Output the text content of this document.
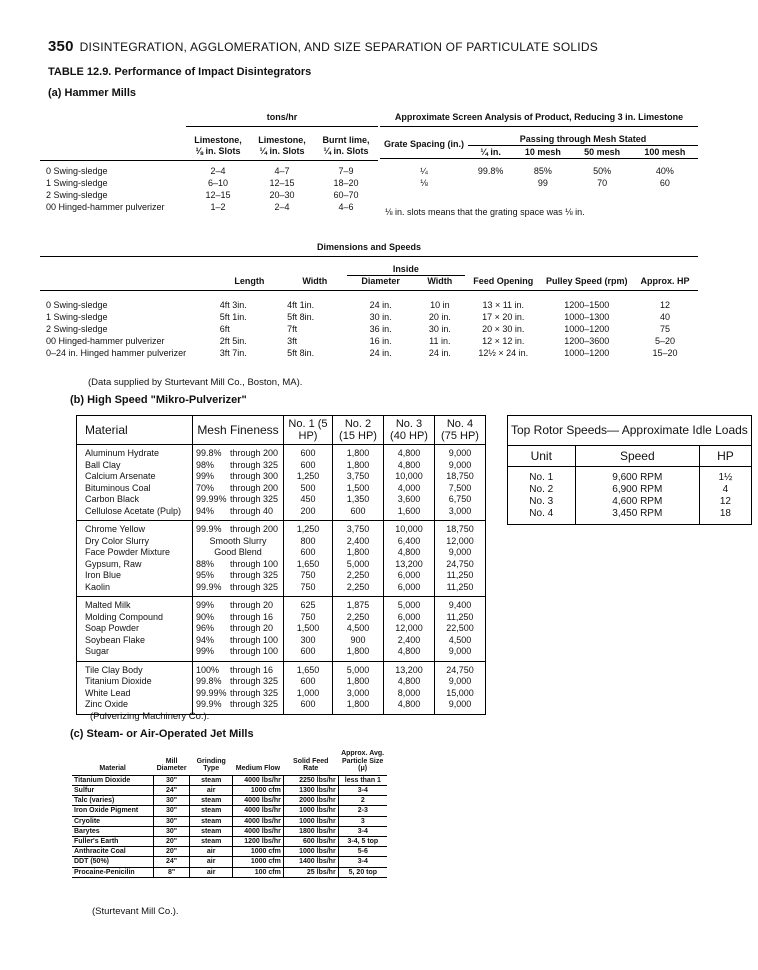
350 DISINTEGRATION, AGGLOMERATION, AND SIZE SEPARATION OF PARTICULATE SOLIDS
TABLE 12.9. Performance of Impact Disintegrators
(a) Hammer Mills
	tons/hr		
	Limestone, ⅛ in. Slots	Limestone, ¼ in. Slots	Burnt lime, ¼ in. Slots
0 Swing-sledge	2–4	4–7	7–9
1 Swing-sledge	6–10	12–15	18–20
2 Swing-sledge	12–15	20–30	60–70
00 Hinged-hammer pulverizer	1–2	2–4	4–6
Approximate Screen Analysis of Product, Reducing 3 in. Limestone				
Grate Spacing (in.)	Passing through Mesh Stated			
	¼ in.	10 mesh	50 mesh	100 mesh
¼	99.8%	85%	50%	40%
⅛		99	70	60
⅛ in. slots means that the grating space was ⅛ in.
Dimensions and Speeds							
			Inside				
	Length	Width	Diameter	Width	Feed Opening	Pulley Speed (rpm)	Approx. HP
0 Swing-sledge	4ft 3in.	4ft 1in.	24 in.	10 in	13 × 11 in.	1200–1500	12
1 Swing-sledge	5ft 1in.	5ft 8in.	30 in.	20 in.	17 × 20 in.	1000–1300	40
2 Swing-sledge	6ft	7ft	36 in.	30 in.	20 × 30 in.	1000–1200	75
00 Hinged-hammer pulverizer	2ft 5in.	3ft	16 in.	11 in.	12 × 12 in.	1200–3600	5–20
0–24 in. Hinged hammer pulverizer	3ft 7in.	5ft 8in.	24 in.	24 in.	12½ × 24 in.	1000–1200	15–20
(Data supplied by Sturtevant Mill Co., Boston, MA).
(b) High Speed "Mikro-Pulverizer"
Material	Mesh Fineness	No. 1 (5 HP)	No. 2 (15 HP)	No. 3 (40 HP)	No. 4 (75 HP)
Aluminum Hydrate	99.8% through 200	600	1,800	4,800	9,000
Ball Clay	98% through 325	600	1,800	4,800	9,000
Calcium Arsenate	99% through 300	1,250	3,750	10,000	18,750
Bituminous Coal	70% through 200	500	1,500	4,000	7,500
Carbon Black	99.99% through 325	450	1,350	3,600	6,750
Cellulose Acetate (Pulp)	94% through 40	200	600	1,600	3,000
Chrome Yellow	99.9% through 200	1,250	3,750	10,000	18,750
Dry Color Slurry	Smooth Slurry	800	2,400	6,400	12,000
Face Powder Mixture	Good Blend	600	1,800	4,800	9,000
Gypsum, Raw	88% through 100	1,650	5,000	13,200	24,750
Iron Blue	95% through 325	750	2,250	6,000	11,250
Kaolin	99.9% through 325	750	2,250	6,000	11,250
Malted Milk	99% through 20	625	1,875	5,000	9,400
Molding Compound	90% through 16	750	2,250	6,000	11,250
Soap Powder	96% through 20	1,500	4,500	12,000	22,500
Soybean Flake	94% through 100	300	900	2,400	4,500
Sugar	99% through 100	600	1,800	4,800	9,000
Tile Clay Body	100% through 16	1,650	5,000	13,200	24,750
Titanium Dioxide	99.8% through 325	600	1,800	4,800	9,000
White Lead	99.99% through 325	1,000	3,000	8,000	15,000
Zinc Oxide	99.9% through 325	600	1,800	4,800	9,000
Top Rotor Speeds— Approximate Idle Loads		
Unit	Speed	HP
No. 1	9,600 RPM	1½
No. 2	6,900 RPM	4
No. 3	4,600 RPM	12
No. 4	3,450 RPM	18
(Pulverizing Machinery Co.).
(c) Steam- or Air-Operated Jet Mills
Material	Mill Diameter	Grinding Type	Medium Flow	Solid Feed Rate	Approx. Avg. Particle Size (μ)
Titanium Dioxide	30"	steam	4000 lbs/hr	2250 lbs/hr	less than 1
Sulfur	24"	air	1000 cfm	1300 lbs/hr	3-4
Talc (varies)	30"	steam	4000 lbs/hr	2000 lbs/hr	2
Iron Oxide Pigment	30"	steam	4000 lbs/hr	1000 lbs/hr	2-3
Cryolite	30"	steam	4000 lbs/hr	1000 lbs/hr	3
Barytes	30"	steam	4000 lbs/hr	1800 lbs/hr	3-4
Fuller's Earth	20"	steam	1200 lbs/hr	600 lbs/hr	3-4, 5 top
Anthracite Coal	20"	air	1000 cfm	1000 lbs/hr	5-6
DDT (50%)	24"	air	1000 cfm	1400 lbs/hr	3-4
Procaine-Penicilin	8"	air	100 cfm	25 lbs/hr	5, 20 top
(Sturtevant Mill Co.).
